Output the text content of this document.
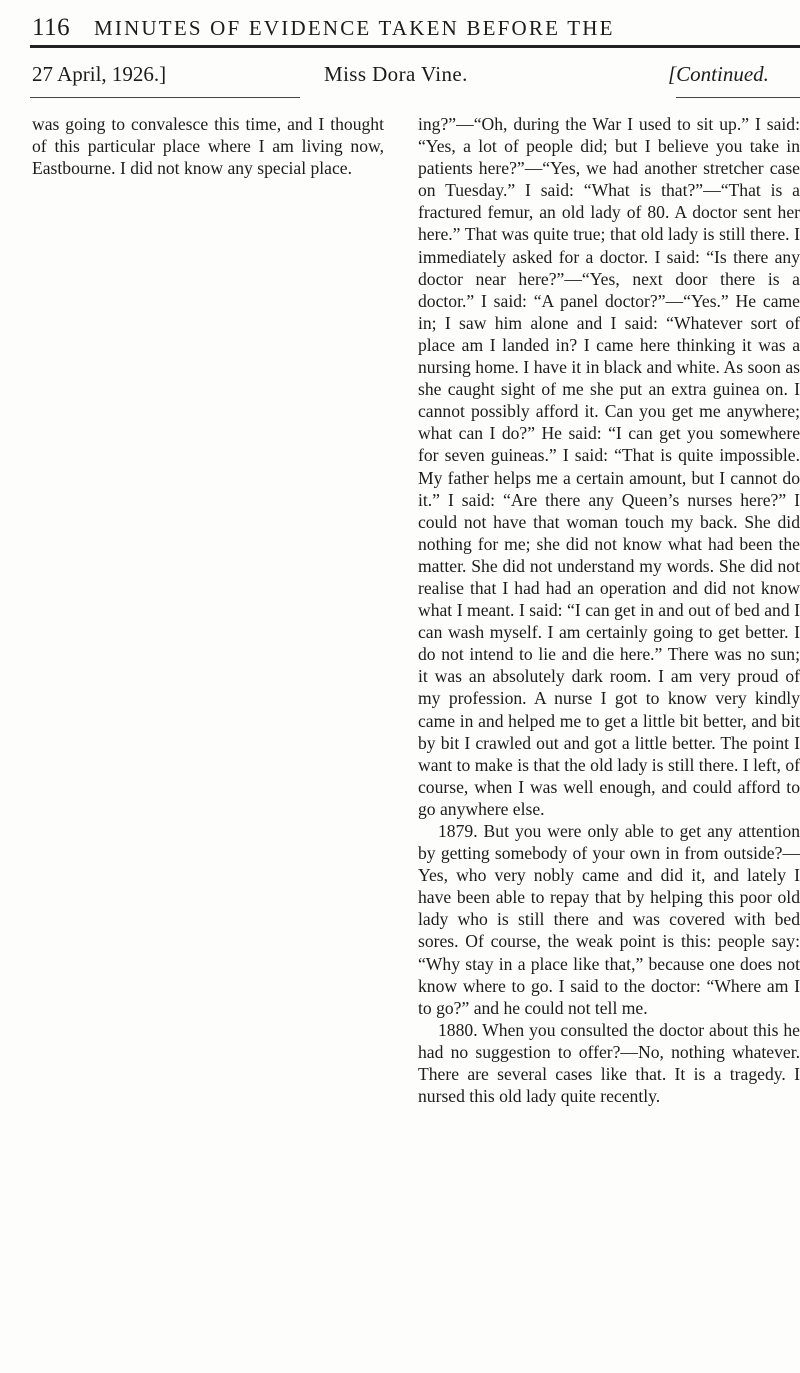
116 MINUTES OF EVIDENCE TAKEN BEFORE THE
27 April, 1926.]	Miss Dora Vine.	[Continued.

was going to convalesce this time, and I thought of this particular place where I am living now, Eastbourne. I did not know any special place.

ing?”—“Oh, during the War I used to sit up.” I said: “Yes, a lot of people did; but I believe you take in patients here?”—“Yes, we had another stretcher case on Tuesday.” I said: “What is that?”—“That is a fractured femur, an old lady of 80. A doctor sent her here.” That was quite true; that old lady is still there. I immediately asked for a doctor. I said: “Is there any doctor near here?”—“Yes, next door there is a doctor.” I said: “A panel doctor?”—“Yes.” He came in; I saw him alone and I said: “Whatever sort of place am I landed in? I came here thinking it was a nursing home. I have it in black and white. As soon as she caught sight of me she put an extra guinea on. I cannot possibly afford it. Can you get me anywhere; what can I do?” He said: “I can get you somewhere for seven guineas.” I said: “That is quite impossible. My father helps me a certain amount, but I cannot do it.” I said: “Are there any Queen’s nurses here?” I could not have that woman touch my back. She did nothing for me; she did not know what had been the matter. She did not understand my words. She did not realise that I had had an operation and did not know what I meant. I said: “I can get in and out of bed and I can wash myself. I am certainly going to get better. I do not intend to lie and die here.” There was no sun; it was an absolutely dark room. I am very proud of my profession. A nurse I got to know very kindly came in and helped me to get a little bit better, and bit by bit I crawled out and got a little better. The point I want to make is that the old lady is still there. I left, of course, when I was well enough, and could afford to go anywhere else.

1879. But you were only able to get any attention by getting somebody of your own in from outside?—Yes, who very nobly came and did it, and lately I have been able to repay that by helping this poor old lady who is still there and was covered with bed sores. Of course, the weak point is this: people say: “Why stay in a place like that,” because one does not know where to go. I said to the doctor: “Where am I to go?” and he could not tell me.

1880. When you consulted the doctor about this he had no suggestion to offer?—No, nothing whatever. There are several cases like that. It is a tragedy. I nursed this old lady quite recently.
